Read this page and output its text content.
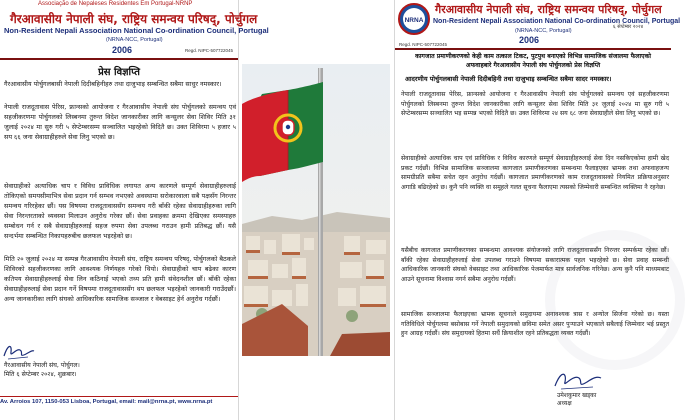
Associação de Nepaleses Residentes Em Portugal-NRNP
गैरआवासीय नेपाली संघ, राष्ट्रिय समन्वय परिषद्, पोर्चुगल
Non-Resident Nepali Association National Co-ordination Council, Portugal
(NRNA-NCC, Portugal)
2006	Regd. NIPC-507722045
प्रेस विज्ञप्ति
गैरआवासीय पोर्चुगलबासी नेपाली दिदीबहिनीहरु तथा दाजुभाइ सम्बन्धित सबैमा साधुर नमस्कार।
नेपाली राजदूतावास पेरिस, फ्रान्सको आयोजना र गैरआवासीय नेपाली संघ पोर्चुगलको समन्वय एवं सहजीकरणमा पोर्चुगलको लिस्बनमा तुरुन्त विदेश जानकारीका लागि कन्सुलर सेवा शिविर मिति ३१ जुलाई २०२४ मा सुरु गरी ५ सेप्टेम्बरसम्म सञ्चालित भइरहेको विदितै छ। उक्त शिविरमा ५ हजार ५ सय ६६ जना सेवाग्राहीहरुले सेवा लिनु भएको छ।
सेवाग्राहीको अत्याधिक चाप र विविध प्राविधिक लगायत अन्य कारणले सम्पूर्ण सेवाग्राहीहरुलाई तोकिएको समयसीमाभित्र सेवा प्रदान गर्न सम्भव नभएको अवस्थामा सरोकारवाला सबै पक्षसँग निरन्तर समन्वय गरिरहेका छौं। यस विषयमा राजदूतावाससँग समन्वय गरी बाँकी रहेका सेवाग्राहीहरुका लागि सेवा निरन्तरताको व्यवस्था मिलाउन अनुरोध गरेका छौं। सेवा प्रवाहका क्रममा देखिएका समस्याहरु सम्बोधन गर्न र सबै सेवाग्राहीहरुलाई सहज रुपमा सेवा उपलब्ध गराउन हामी प्रतिबद्ध छौं। यसै सन्दर्भमा सम्बन्धित निकायहरुबीच छलफल भइरहेको छ।
मिति २० जुलाई २०२४ मा सम्पन्न गैरआवासीय नेपाली संघ, राष्ट्रिय समन्वय परिषद्, पोर्चुगलको बैठकले शिविरको सहजीकरणका लागि आवश्यक निर्णयहरु गरेको थियो। सेवाग्राहीको चाप बढेका कारण कतिपय सेवाग्राहीहरुलाई सेवा लिन कठिनाई भएको तथ्य प्रति हामी संवेदनशील छौं। बाँकी रहेका सेवाग्राहीहरुलाई सेवा प्रदान गर्ने विषयमा राजदूतावाससँग थप छलफल भइरहेको जानकारी गराउँदछौं। अन्य जानकारीका लागि संघको आधिकारिक सामाजिक सञ्जाल र वेबसाइट हेर्न अनुरोध गर्दछौं।
गैरआवासीय नेपाली संघ, पोर्चुगल।
मिति ६ सेप्टेम्बर २०२४, शुक्रबार।
Av. Arroios 107, 1150-053 Lisboa, Portugal, email: mail@nrna.pt, www.nrna.pt
NRNA
गैरआवासीय नेपाली संघ, राष्ट्रिय समन्वय परिषद्, पोर्चुगल
Non-Resident Nepali Association National Co-ordination Council, Portugal
(NRNA-NCC, Portugal)
2006
६ सेप्टेम्बर २०२४
Regd. NIPC-507722045
कागजात प्रमाणीकरणको केही काम तत्काल टिकट, पुटपुथ बनाएको विभिन्न सामाजिक संजालमा फैलाएको
अफवाहबारे गैरआवासीय नेपाली संघ पोर्चुगलको प्रेस विज्ञप्ति
आदरणीय पोर्चुगलबासी नेपाली दिदीबहिनी तथा दाजुभाइ सम्बन्धित सबैमा सादर नमस्कार।
नेपाली राजदूतावास पेरिस, फ्रान्सको आयोजना र गैरआवासीय नेपाली संघ पोर्चुगलको समन्वय एवं सहजीकरणमा पोर्चुगलको लिस्बनमा तुरुन्त विदेश जानकारीका लागि कन्सुलर सेवा शिविर मिति ३१ जुलाई २०२४ मा सुरु गरी ५ सेप्टेम्बरसम्म सञ्चालित भइ सम्पन्न भएको विदितै छ। उक्त शिविरमा २४ सय ६८ जना सेवाग्राहीले सेवा लिनु भएको छ।
सेवाग्राहीको अत्याधिक चाप एवं प्राविधिक र विविध कारणले सम्पूर्ण सेवाग्राहीहरुलाई सेवा दिन नसकिएकोमा हामी खेद प्रकट गर्दछौं। विभिन्न सामाजिक सञ्जालमा कागजात प्रमाणीकरणका सम्बन्धमा फैलाइएका भ्रामक तथा अफवाहजन्य सामग्रीप्रति सबैमा सचेत रहन अनुरोध गर्दछौं। कागजात प्रमाणीकरणको काम राजदूतावासको नियमित प्रक्रियाअनुसार अगाडि बढिरहेको छ। कुनै पनि व्यक्ति वा समूहले गलत सूचना फैलाएमा त्यसको जिम्मेवारी सम्बन्धित व्यक्तिमा नै रहनेछ।
यसैबीच कागजात प्रमाणीकरणका सम्बन्धमा आवश्यक संयोजनको लागि राजदूतावाससँग निरन्तर सम्पर्कमा रहेका छौं। बाँकी रहेका सेवाग्राहीहरुलाई सेवा उपलब्ध गराउने विषयमा सकारात्मक पहल भइरहेको छ। सेवा प्रवाह सम्बन्धी आधिकारिक जानकारी संघको वेबसाइट तथा आधिकारिक पेजमार्फत मात्र सार्वजनिक गरिनेछ। अन्य कुनै पनि माध्यमबाट आउने सूचनामा विश्वास नगर्न सबैमा अनुरोध गर्दछौं।
सामाजिक सञ्जालमा फैलाइएका भ्रामक सूचनाले समुदायमा अनावश्यक त्रास र अन्योल सिर्जना गरेको छ। यस्ता गतिविधिले पोर्चुगलमा बसोबास गर्ने नेपाली समुदायको छविमा समेत असर पुर्‍याउने भएकाले सबैलाई जिम्मेवार भई प्रस्तुत हुन आग्रह गर्दछौं। संघ समुदायको हितमा सधैं क्रियाशील रहने प्रतिबद्धता व्यक्त गर्दछौं।
उमेशकुमार खड्का
अध्यक्ष
